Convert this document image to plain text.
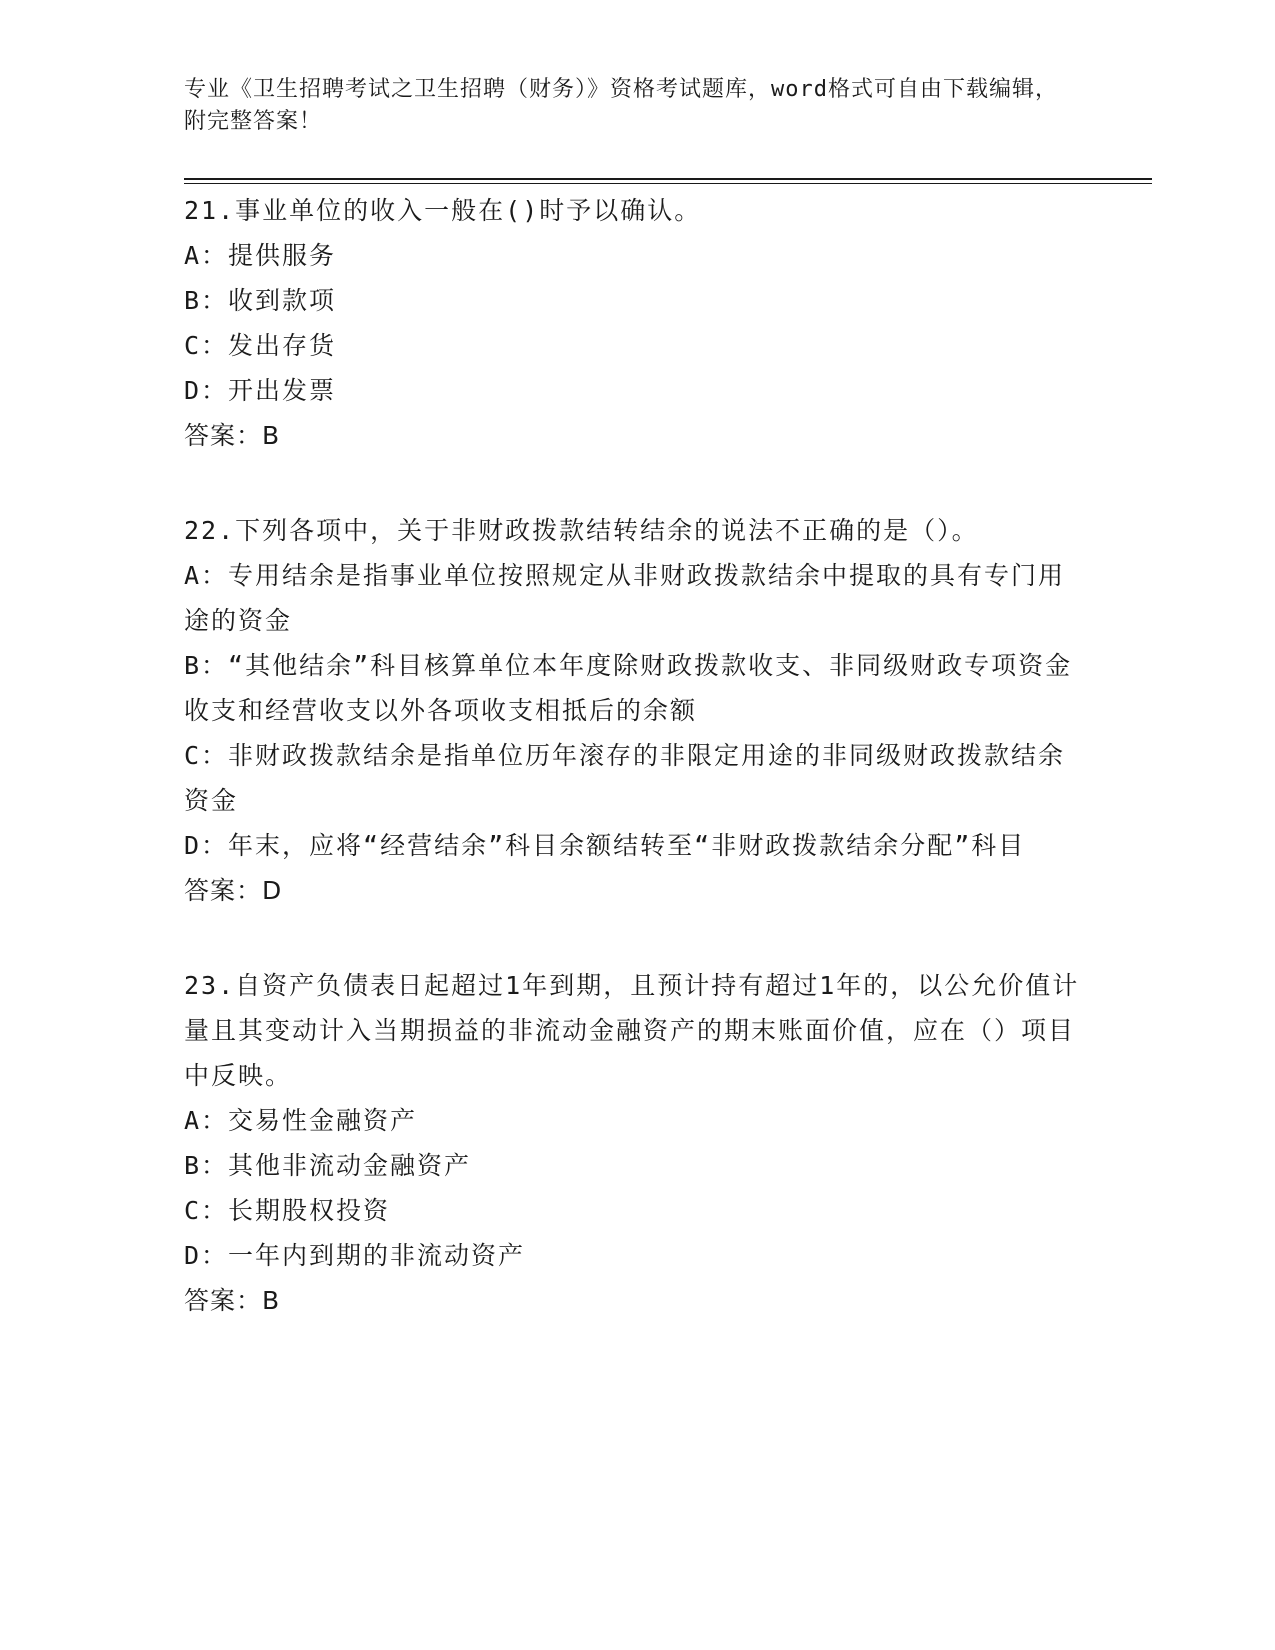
专业《卫生招聘考试之卫生招聘（财务）》资格考试题库，word格式可自由下载编辑，附完整答案！
21.事业单位的收入一般在()时予以确认。
A：提供服务
B：收到款项
C：发出存货
D：开出发票
答案：B
22.下列各项中，关于非财政拨款结转结余的说法不正确的是（）。
A：专用结余是指事业单位按照规定从非财政拨款结余中提取的具有专门用途的资金
B：“其他结余”科目核算单位本年度除财政拨款收支、非同级财政专项资金收支和经营收支以外各项收支相抵后的余额
C：非财政拨款结余是指单位历年滚存的非限定用途的非同级财政拨款结余资金
D：年末，应将“经营结余”科目余额结转至“非财政拨款结余分配”科目
答案：D
23.自资产负债表日起超过1年到期，且预计持有超过1年的，以公允价值计量且其变动计入当期损益的非流动金融资产的期末账面价值，应在（）项目中反映。
A：交易性金融资产
B：其他非流动金融资产
C：长期股权投资
D：一年内到期的非流动资产
答案：B
